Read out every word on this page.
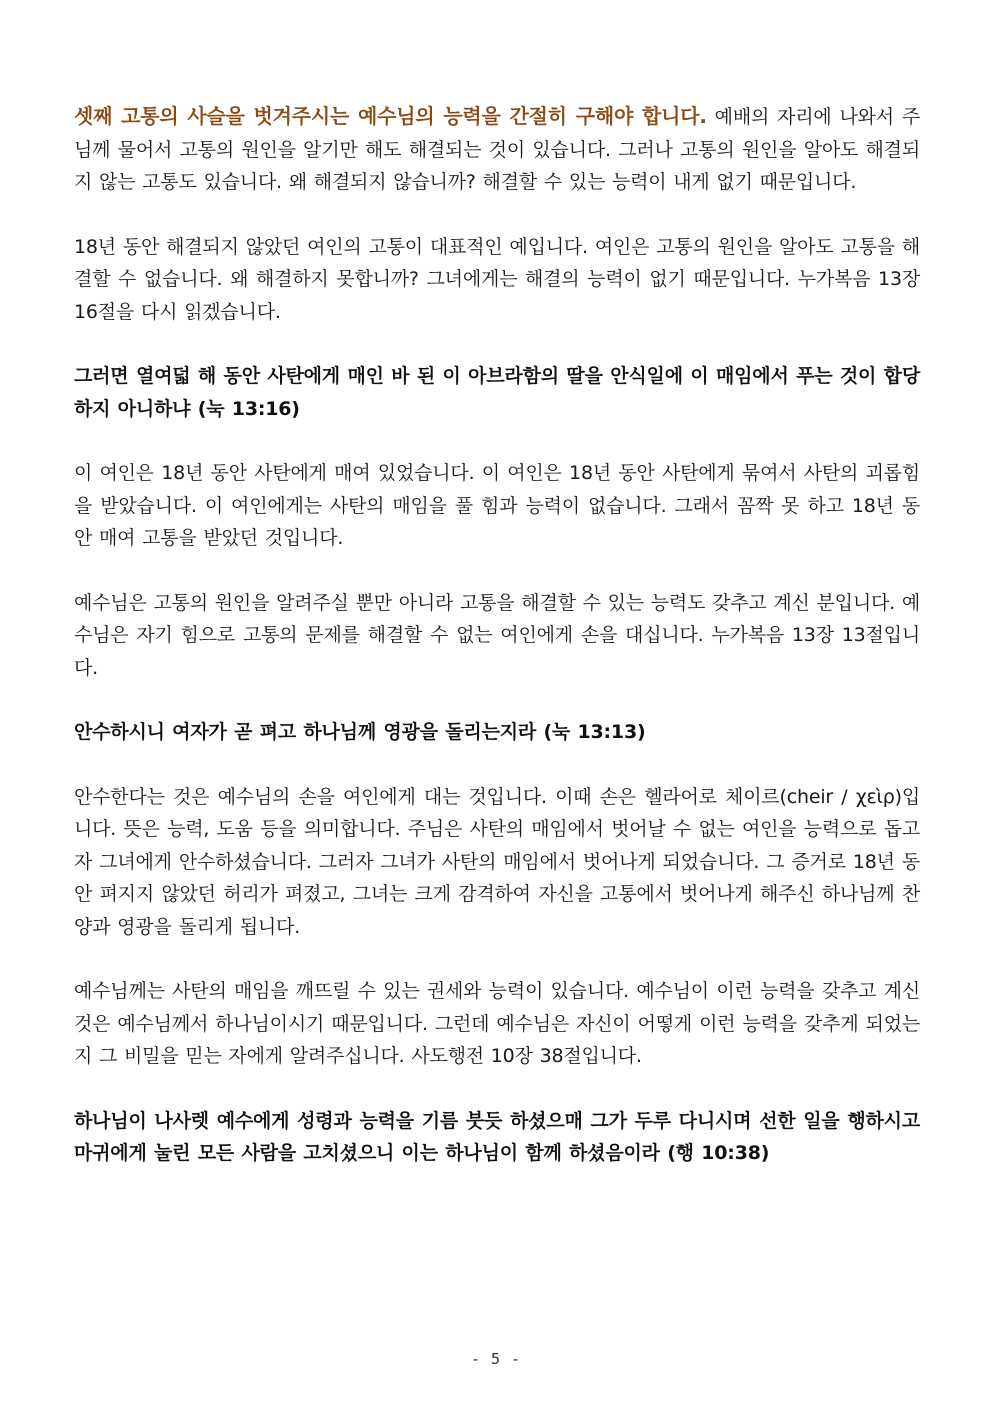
셋째 고통의 사슬을 벗겨주시는 예수님의 능력을 간절히 구해야 합니다. 예배의 자리에 나와서 주님께 물어서 고통의 원인을 알기만 해도 해결되는 것이 있습니다. 그러나 고통의 원인을 알아도 해결되지 않는 고통도 있습니다. 왜 해결되지 않습니까? 해결할 수 있는 능력이 내게 없기 때문입니다.

18년 동안 해결되지 않았던 여인의 고통이 대표적인 예입니다. 여인은 고통의 원인을 알아도 고통을 해결할 수 없습니다. 왜 해결하지 못합니까? 그녀에게는 해결의 능력이 없기 때문입니다. 누가복음 13장 16절을 다시 읽겠습니다.

그러면 열여덟 해 동안 사탄에게 매인 바 된 이 아브라함의 딸을 안식일에 이 매임에서 푸는 것이 합당하지 아니하냐 (눅 13:16)

이 여인은 18년 동안 사탄에게 매여 있었습니다. 이 여인은 18년 동안 사탄에게 묶여서 사탄의 괴롭힘을 받았습니다. 이 여인에게는 사탄의 매임을 풀 힘과 능력이 없습니다. 그래서 꼼짝 못 하고 18년 동안 매여 고통을 받았던 것입니다.

예수님은 고통의 원인을 알려주실 뿐만 아니라 고통을 해결할 수 있는 능력도 갖추고 계신 분입니다. 예수님은 자기 힘으로 고통의 문제를 해결할 수 없는 여인에게 손을 대십니다. 누가복음 13장 13절입니다.

안수하시니 여자가 곧 펴고 하나님께 영광을 돌리는지라 (눅 13:13)

안수한다는 것은 예수님의 손을 여인에게 대는 것입니다. 이때 손은 헬라어로 체이르(cheir / χεὶρ)입니다. 뜻은 능력, 도움 등을 의미합니다. 주님은 사탄의 매임에서 벗어날 수 없는 여인을 능력으로 돕고자 그녀에게 안수하셨습니다. 그러자 그녀가 사탄의 매임에서 벗어나게 되었습니다. 그 증거로 18년 동안 펴지지 않았던 허리가 펴졌고, 그녀는 크게 감격하여 자신을 고통에서 벗어나게 해주신 하나님께 찬양과 영광을 돌리게 됩니다.

예수님께는 사탄의 매임을 깨뜨릴 수 있는 권세와 능력이 있습니다. 예수님이 이런 능력을 갖추고 계신 것은 예수님께서 하나님이시기 때문입니다. 그런데 예수님은 자신이 어떻게 이런 능력을 갖추게 되었는지 그 비밀을 믿는 자에게 알려주십니다. 사도행전 10장 38절입니다.

하나님이 나사렛 예수에게 성령과 능력을 기름 붓듯 하셨으매 그가 두루 다니시며 선한 일을 행하시고 마귀에게 눌린 모든 사람을 고치셨으니 이는 하나님이 함께 하셨음이라 (행 10:38)

- 5 -
